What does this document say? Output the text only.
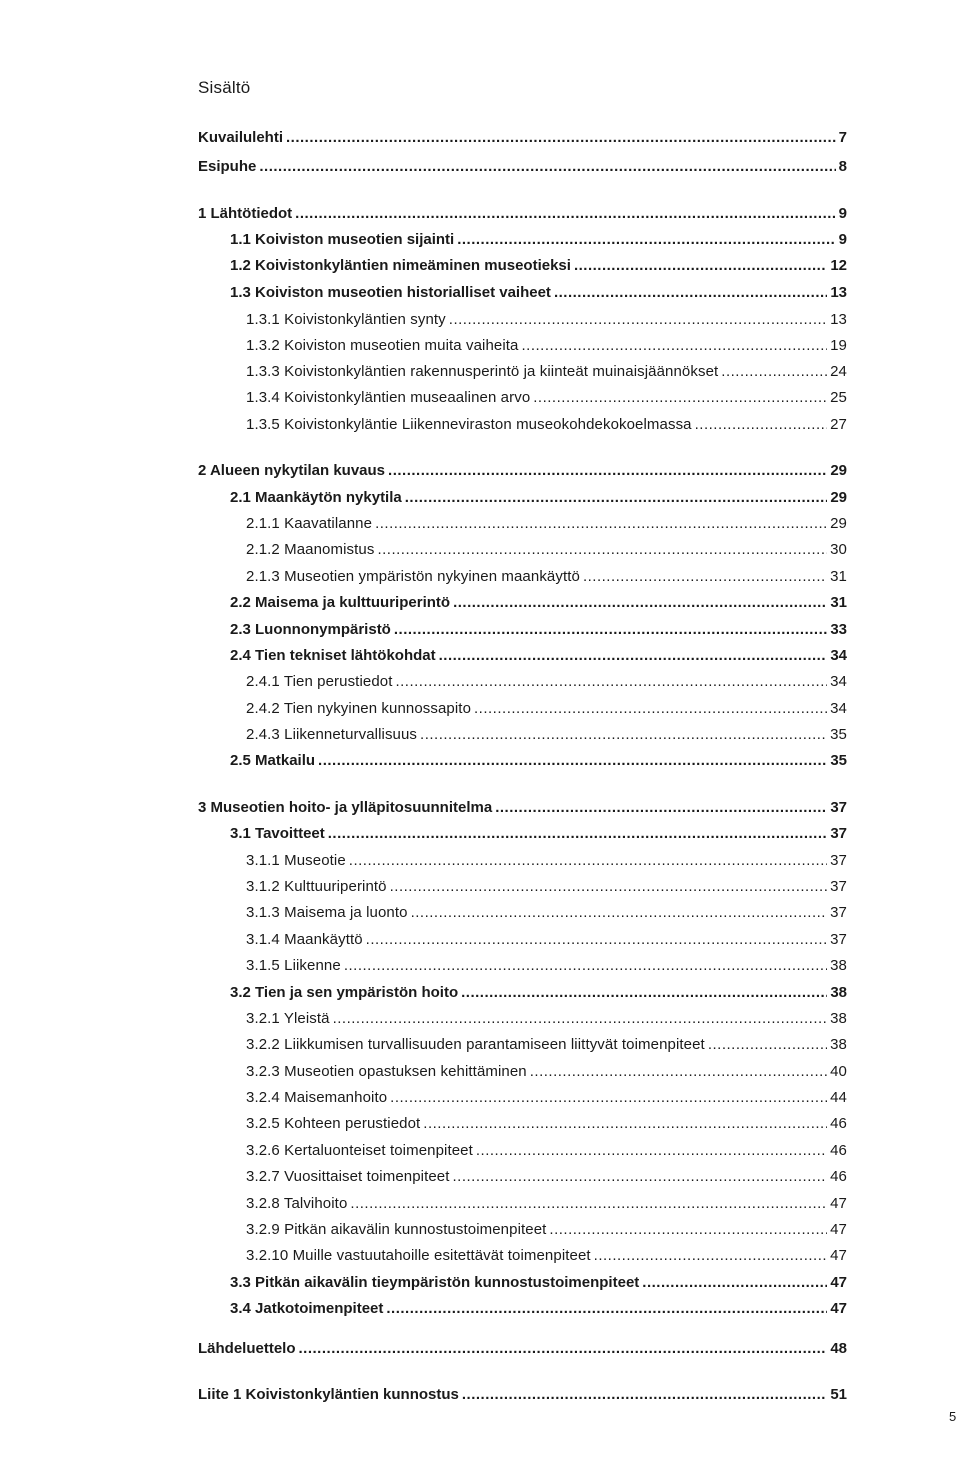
Sisältö
Kuvailulehti .....	7
Esipuhe .....	8
1 Lähtötiedot .....	9
1.1 Koiviston museotien sijainti .....	9
1.2 Koivistonkyläntien nimeäminen museotieksi .....	12
1.3 Koiviston museotien historialliset vaiheet .....	13
1.3.1 Koivistonkyläntien synty .....	13
1.3.2 Koiviston museotien muita vaiheita .....	19
1.3.3 Koivistonkyläntien rakennusperintö ja kiinteät muinaisjäännökset .....	24
1.3.4 Koivistonkyläntien museaalinen arvo .....	25
1.3.5 Koivistonkyläntie Liikenneviraston museokohdekokoelmassa .....	27
2 Alueen nykytilan kuvaus .....	29
2.1 Maankäytön nykytila .....	29
2.1.1 Kaavatilanne .....	29
2.1.2 Maanomistus .....	30
2.1.3 Museotien ympäristön nykyinen maankäyttö .....	31
2.2 Maisema ja kulttuuriperintö .....	31
2.3 Luonnonympäristö .....	33
2.4 Tien tekniset lähtökohdat .....	34
2.4.1 Tien perustiedot .....	34
2.4.2 Tien nykyinen kunnossapito .....	34
2.4.3 Liikenneturvallisuus .....	35
2.5 Matkailu .....	35
3 Museotien hoito- ja ylläpitosuunnitelma .....	37
3.1 Tavoitteet .....	37
3.1.1 Museotie .....	37
3.1.2 Kulttuuriperintö .....	37
3.1.3 Maisema ja luonto .....	37
3.1.4 Maankäyttö .....	37
3.1.5 Liikenne .....	38
3.2 Tien ja sen ympäristön hoito .....	38
3.2.1 Yleistä .....	38
3.2.2 Liikkumisen turvallisuuden parantamiseen liittyvät toimenpiteet .....	38
3.2.3 Museotien opastuksen kehittäminen .....	40
3.2.4 Maisemanhoito .....	44
3.2.5 Kohteen perustiedot .....	46
3.2.6 Kertaluonteiset toimenpiteet .....	46
3.2.7 Vuosittaiset toimenpiteet .....	46
3.2.8 Talvihoito .....	47
3.2.9 Pitkän aikavälin kunnostustoimenpiteet .....	47
3.2.10 Muille vastuutahoille esitettävät toimenpiteet .....	47
3.3 Pitkän aikavälin tieympäristön kunnostustoimenpiteet .....	47
3.4 Jatkotoimenpiteet .....	47
Lähdeluettelo .....	48
Liite 1 Koivistonkyläntien kunnostus .....	51
5
